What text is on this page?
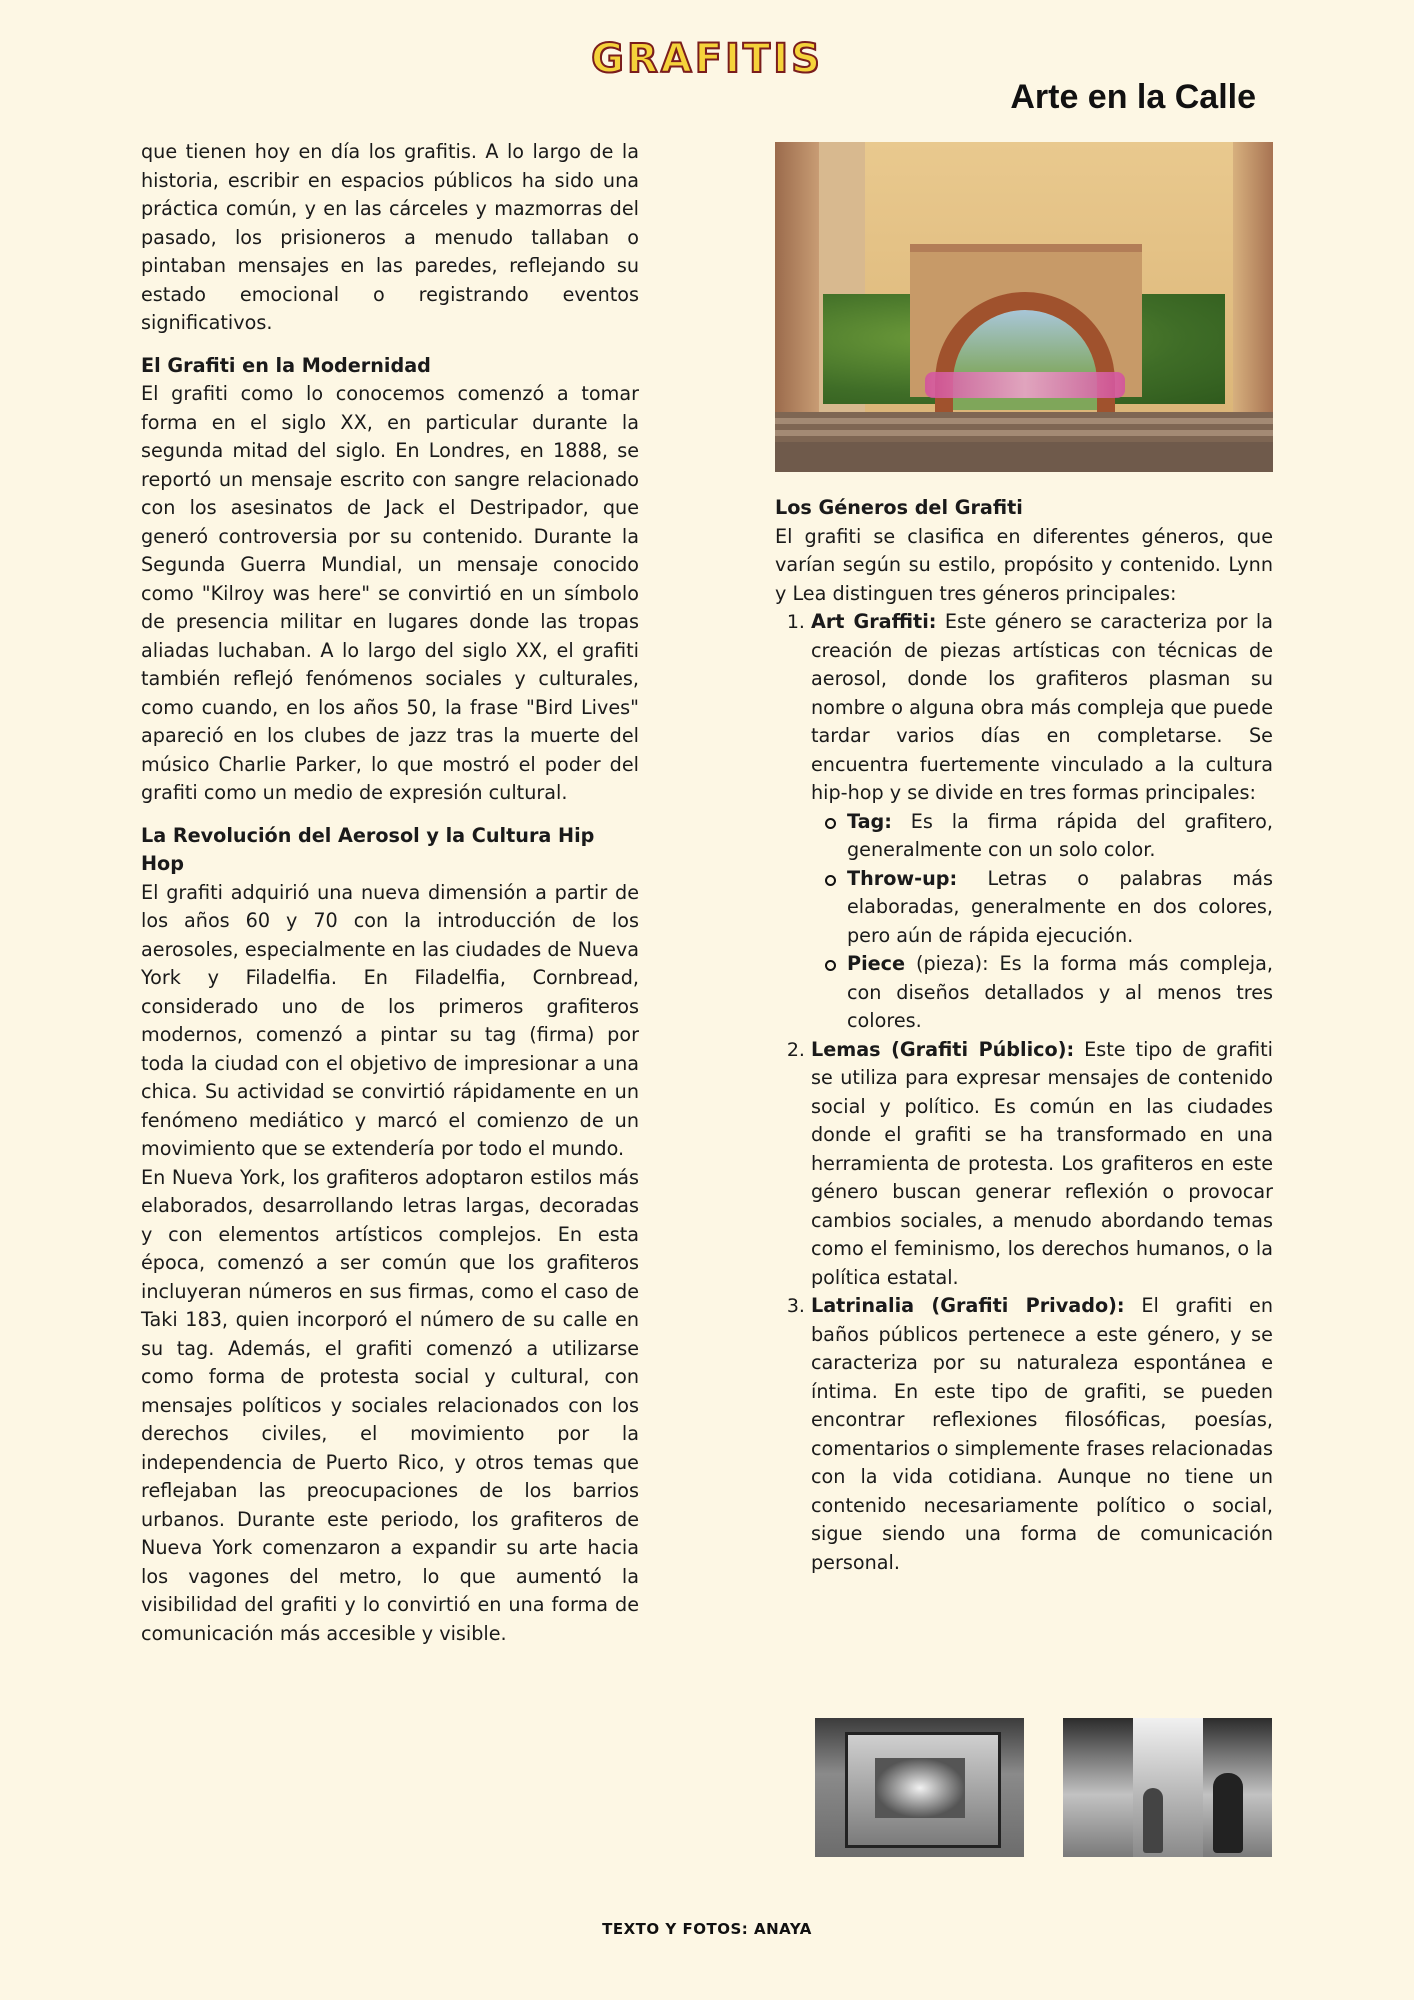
GRAFITIS
Arte en la Calle

que tienen hoy en día los grafitis. A lo largo de la historia, escribir en espacios públicos ha sido una práctica común, y en las cárceles y mazmorras del pasado, los prisioneros a menudo tallaban o pintaban mensajes en las paredes, reflejando su estado emocional o registrando eventos significativos.

El Grafiti en la Modernidad

El grafiti como lo conocemos comenzó a tomar forma en el siglo XX, en particular durante la segunda mitad del siglo. En Londres, en 1888, se reportó un mensaje escrito con sangre relacionado con los asesinatos de Jack el Destripador, que generó controversia por su contenido. Durante la Segunda Guerra Mundial, un mensaje conocido como "Kilroy was here" se convirtió en un símbolo de presencia militar en lugares donde las tropas aliadas luchaban. A lo largo del siglo XX, el grafiti también reflejó fenómenos sociales y culturales, como cuando, en los años 50, la frase "Bird Lives" apareció en los clubes de jazz tras la muerte del músico Charlie Parker, lo que mostró el poder del grafiti como un medio de expresión cultural.

La Revolución del Aerosol y la Cultura Hip Hop

El grafiti adquirió una nueva dimensión a partir de los años 60 y 70 con la introducción de los aerosoles, especialmente en las ciudades de Nueva York y Filadelfia. En Filadelfia, Cornbread, considerado uno de los primeros grafiteros modernos, comenzó a pintar su tag (firma) por toda la ciudad con el objetivo de impresionar a una chica. Su actividad se convirtió rápidamente en un fenómeno mediático y marcó el comienzo de un movimiento que se extendería por todo el mundo.

En Nueva York, los grafiteros adoptaron estilos más elaborados, desarrollando letras largas, decoradas y con elementos artísticos complejos. En esta época, comenzó a ser común que los grafiteros incluyeran números en sus firmas, como el caso de Taki 183, quien incorporó el número de su calle en su tag. Además, el grafiti comenzó a utilizarse como forma de protesta social y cultural, con mensajes políticos y sociales relacionados con los derechos civiles, el movimiento por la independencia de Puerto Rico, y otros temas que reflejaban las preocupaciones de los barrios urbanos. Durante este periodo, los grafiteros de Nueva York comenzaron a expandir su arte hacia los vagones del metro, lo que aumentó la visibilidad del grafiti y lo convirtió en una forma de comunicación más accesible y visible.

Los Géneros del Grafiti

El grafiti se clasifica en diferentes géneros, que varían según su estilo, propósito y contenido. Lynn y Lea distinguen tres géneros principales:

1. Art Graffiti: Este género se caracteriza por la creación de piezas artísticas con técnicas de aerosol, donde los grafiteros plasman su nombre o alguna obra más compleja que puede tardar varios días en completarse. Se encuentra fuertemente vinculado a la cultura hip-hop y se divide en tres formas principales:
Tag: Es la firma rápida del grafitero, generalmente con un solo color.
Throw-up: Letras o palabras más elaboradas, generalmente en dos colores, pero aún de rápida ejecución.
Piece (pieza): Es la forma más compleja, con diseños detallados y al menos tres colores.
2. Lemas (Grafiti Público): Este tipo de grafiti se utiliza para expresar mensajes de contenido social y político. Es común en las ciudades donde el grafiti se ha transformado en una herramienta de protesta. Los grafiteros en este género buscan generar reflexión o provocar cambios sociales, a menudo abordando temas como el feminismo, los derechos humanos, o la política estatal.
3. Latrinalia (Grafiti Privado): El grafiti en baños públicos pertenece a este género, y se caracteriza por su naturaleza espontánea e íntima. En este tipo de grafiti, se pueden encontrar reflexiones filosóficas, poesías, comentarios o simplemente frases relacionadas con la vida cotidiana. Aunque no tiene un contenido necesariamente político o social, sigue siendo una forma de comunicación personal.
TEXTO Y FOTOS: ANAYA
